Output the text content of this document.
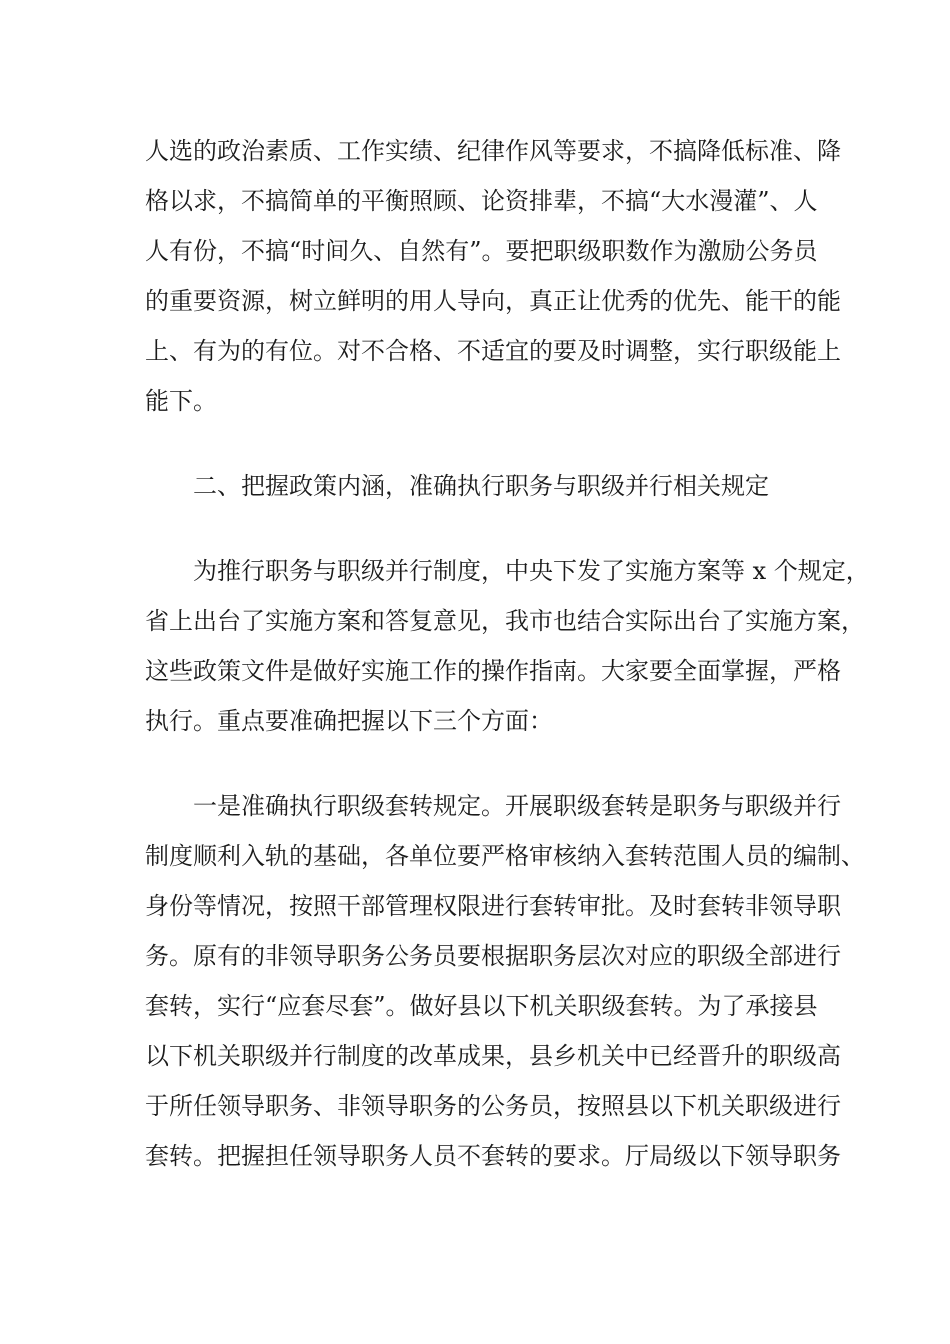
人选的政治素质、工作实绩、纪律作风等要求，不搞降低标准、降

格以求，不搞简单的平衡照顾、论资排辈，不搞“大水漫灌”、人

人有份，不搞“时间久、自然有”。要把职级职数作为激励公务员

的重要资源，树立鲜明的用人导向，真正让优秀的优先、能干的能

上、有为的有位。对不合格、不适宜的要及时调整，实行职级能上

能下。

二、把握政策内涵，准确执行职务与职级并行相关规定

为推行职务与职级并行制度，中央下发了实施方案等 x 个规定，

省上出台了实施方案和答复意见，我市也结合实际出台了实施方案，

这些政策文件是做好实施工作的操作指南。大家要全面掌握，严格

执行。重点要准确把握以下三个方面：

一是准确执行职级套转规定。开展职级套转是职务与职级并行

制度顺利入轨的基础，各单位要严格审核纳入套转范围人员的编制、

身份等情况，按照干部管理权限进行套转审批。及时套转非领导职

务。原有的非领导职务公务员要根据职务层次对应的职级全部进行

套转，实行“应套尽套”。做好县以下机关职级套转。为了承接县

以下机关职级并行制度的改革成果，县乡机关中已经晋升的职级高

于所任领导职务、非领导职务的公务员，按照县以下机关职级进行

套转。把握担任领导职务人员不套转的要求。厅局级以下领导职务
